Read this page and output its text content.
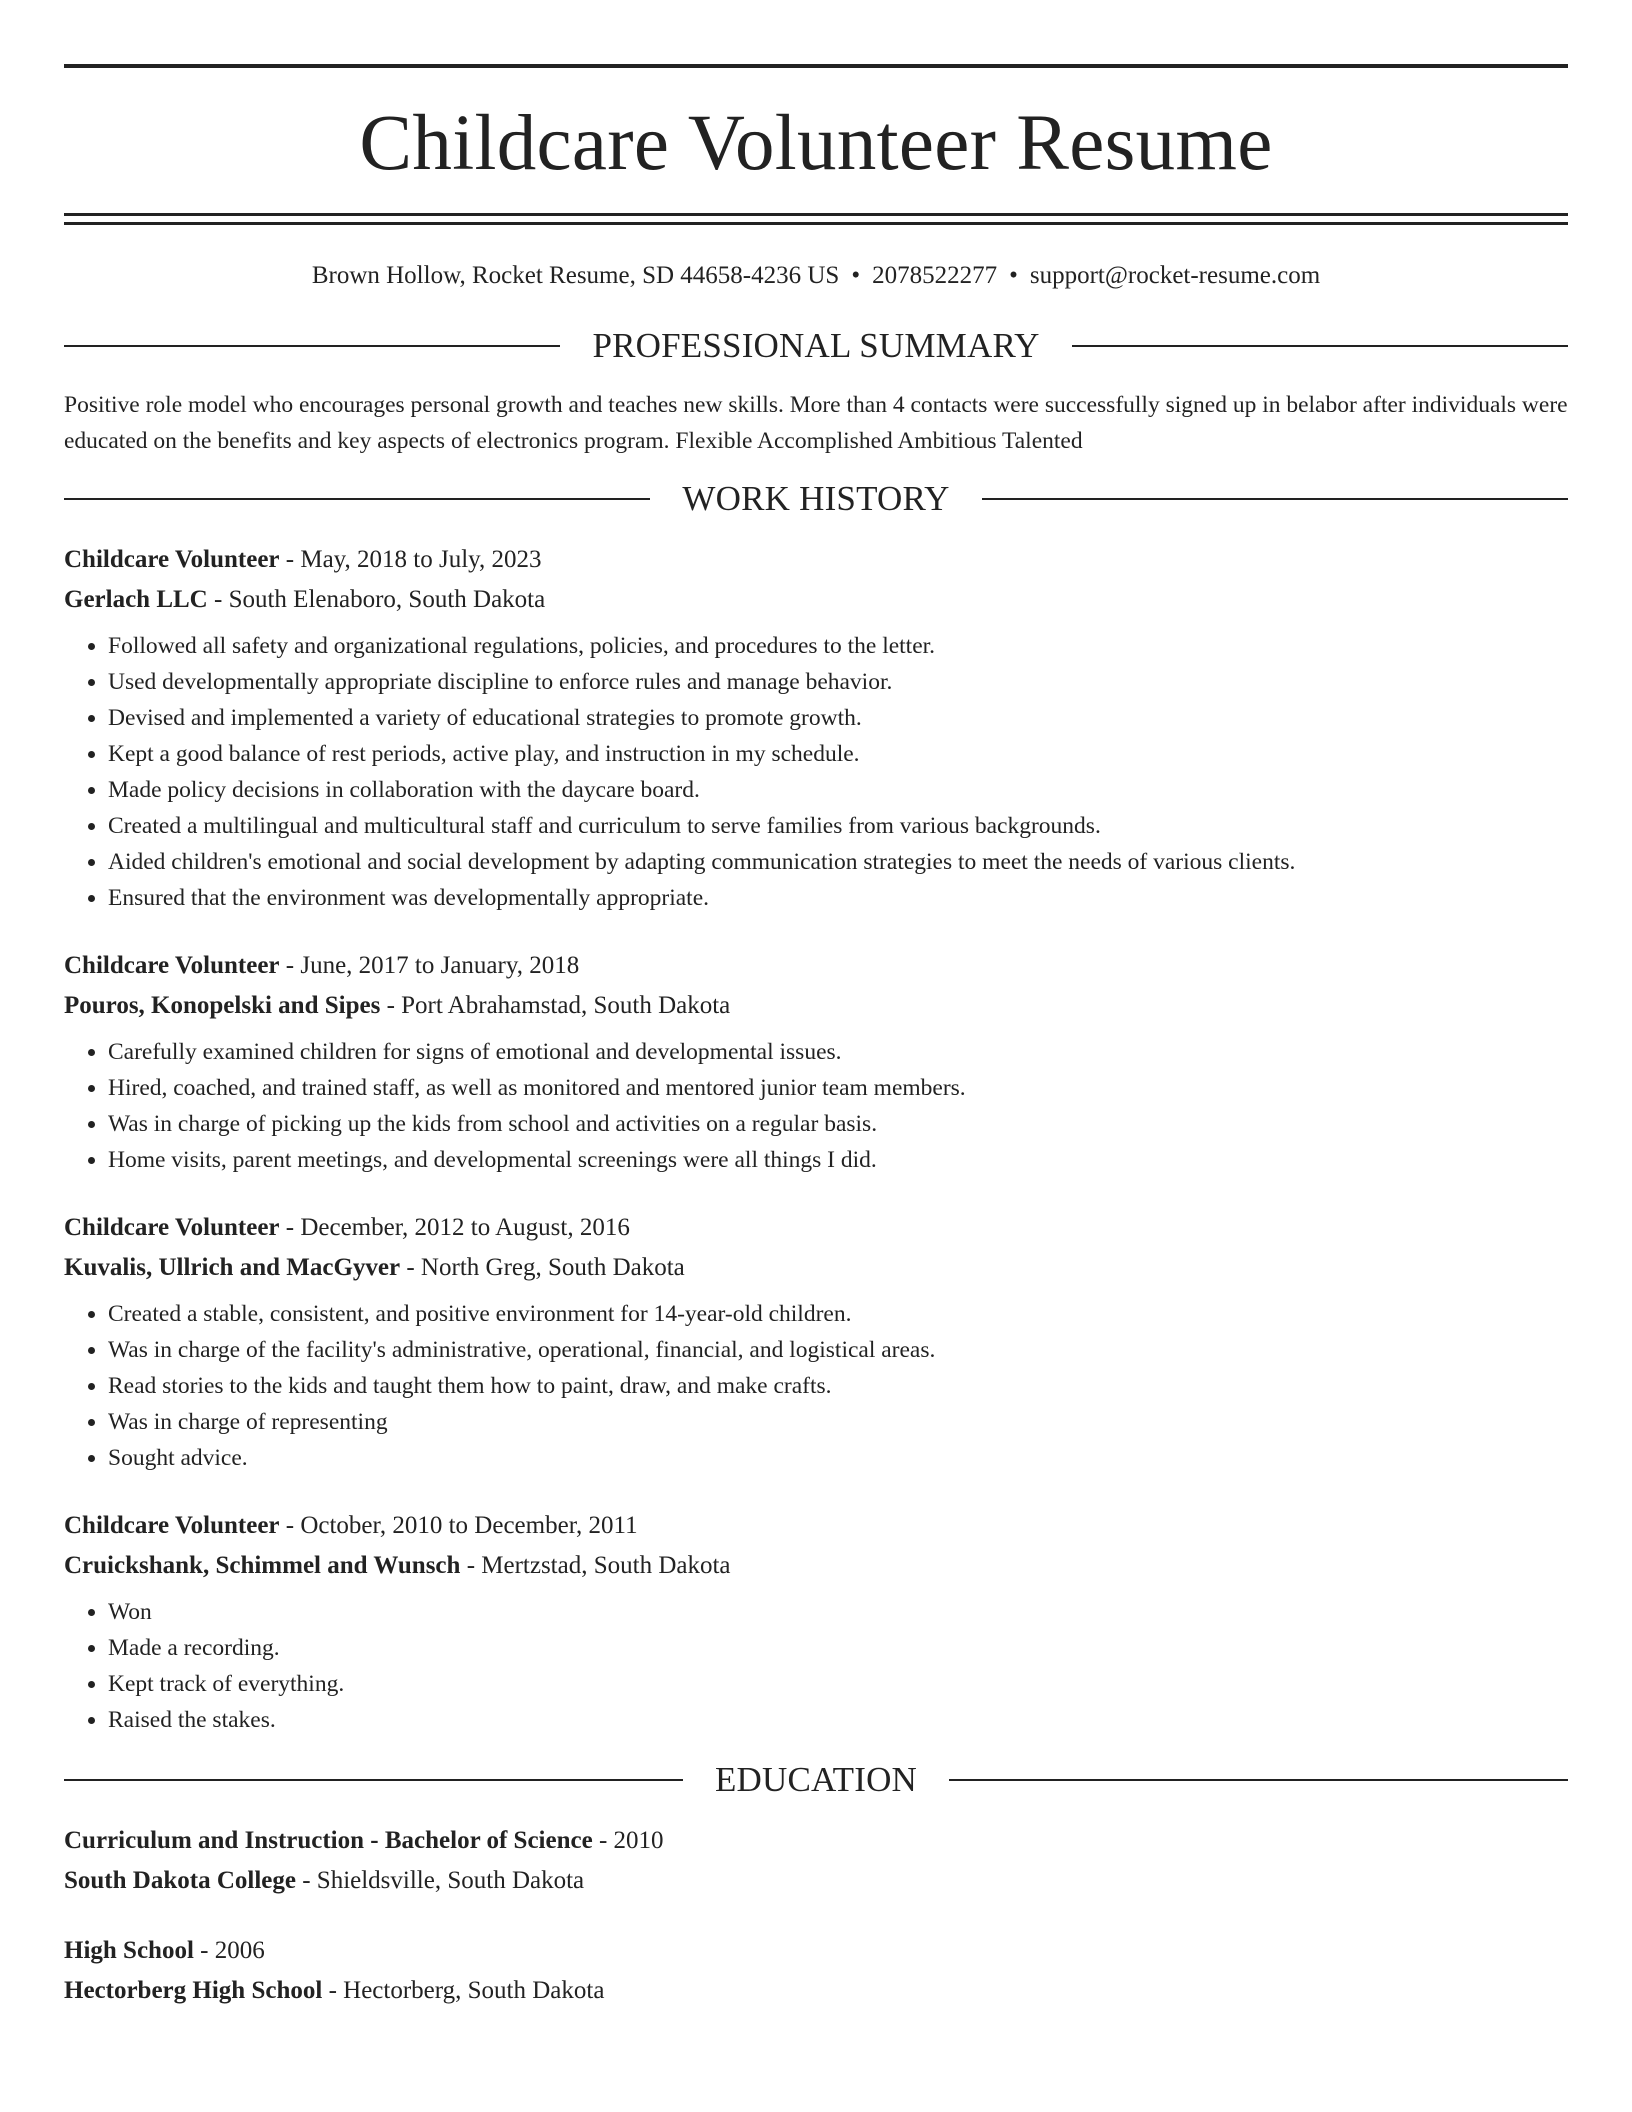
Childcare Volunteer Resume
Brown Hollow, Rocket Resume, SD 44658-4236 US • 2078522277 • support@rocket-resume.com
PROFESSIONAL SUMMARY

Positive role model who encourages personal growth and teaches new skills. More than 4 contacts were successfully signed up in belabor after individuals were educated on the benefits and key aspects of electronics program. Flexible Accomplished Ambitious Talented

WORK HISTORY
Childcare Volunteer - May, 2018 to July, 2023
Gerlach LLC - South Elenaboro, South Dakota
• Followed all safety and organizational regulations, policies, and procedures to the letter.
• Used developmentally appropriate discipline to enforce rules and manage behavior.
• Devised and implemented a variety of educational strategies to promote growth.
• Kept a good balance of rest periods, active play, and instruction in my schedule.
• Made policy decisions in collaboration with the daycare board.
• Created a multilingual and multicultural staff and curriculum to serve families from various backgrounds.
• Aided children's emotional and social development by adapting communication strategies to meet the needs of various clients.
• Ensured that the environment was developmentally appropriate.
Childcare Volunteer - June, 2017 to January, 2018
Pouros, Konopelski and Sipes - Port Abrahamstad, South Dakota
• Carefully examined children for signs of emotional and developmental issues.
• Hired, coached, and trained staff, as well as monitored and mentored junior team members.
• Was in charge of picking up the kids from school and activities on a regular basis.
• Home visits, parent meetings, and developmental screenings were all things I did.
Childcare Volunteer - December, 2012 to August, 2016
Kuvalis, Ullrich and MacGyver - North Greg, South Dakota
• Created a stable, consistent, and positive environment for 14-year-old children.
• Was in charge of the facility's administrative, operational, financial, and logistical areas.
• Read stories to the kids and taught them how to paint, draw, and make crafts.
• Was in charge of representing
• Sought advice.
Childcare Volunteer - October, 2010 to December, 2011
Cruickshank, Schimmel and Wunsch - Mertzstad, South Dakota
• Won
• Made a recording.
• Kept track of everything.
• Raised the stakes.
EDUCATION
Curriculum and Instruction - Bachelor of Science - 2010
South Dakota College - Shieldsville, South Dakota
High School - 2006
Hectorberg High School - Hectorberg, South Dakota
